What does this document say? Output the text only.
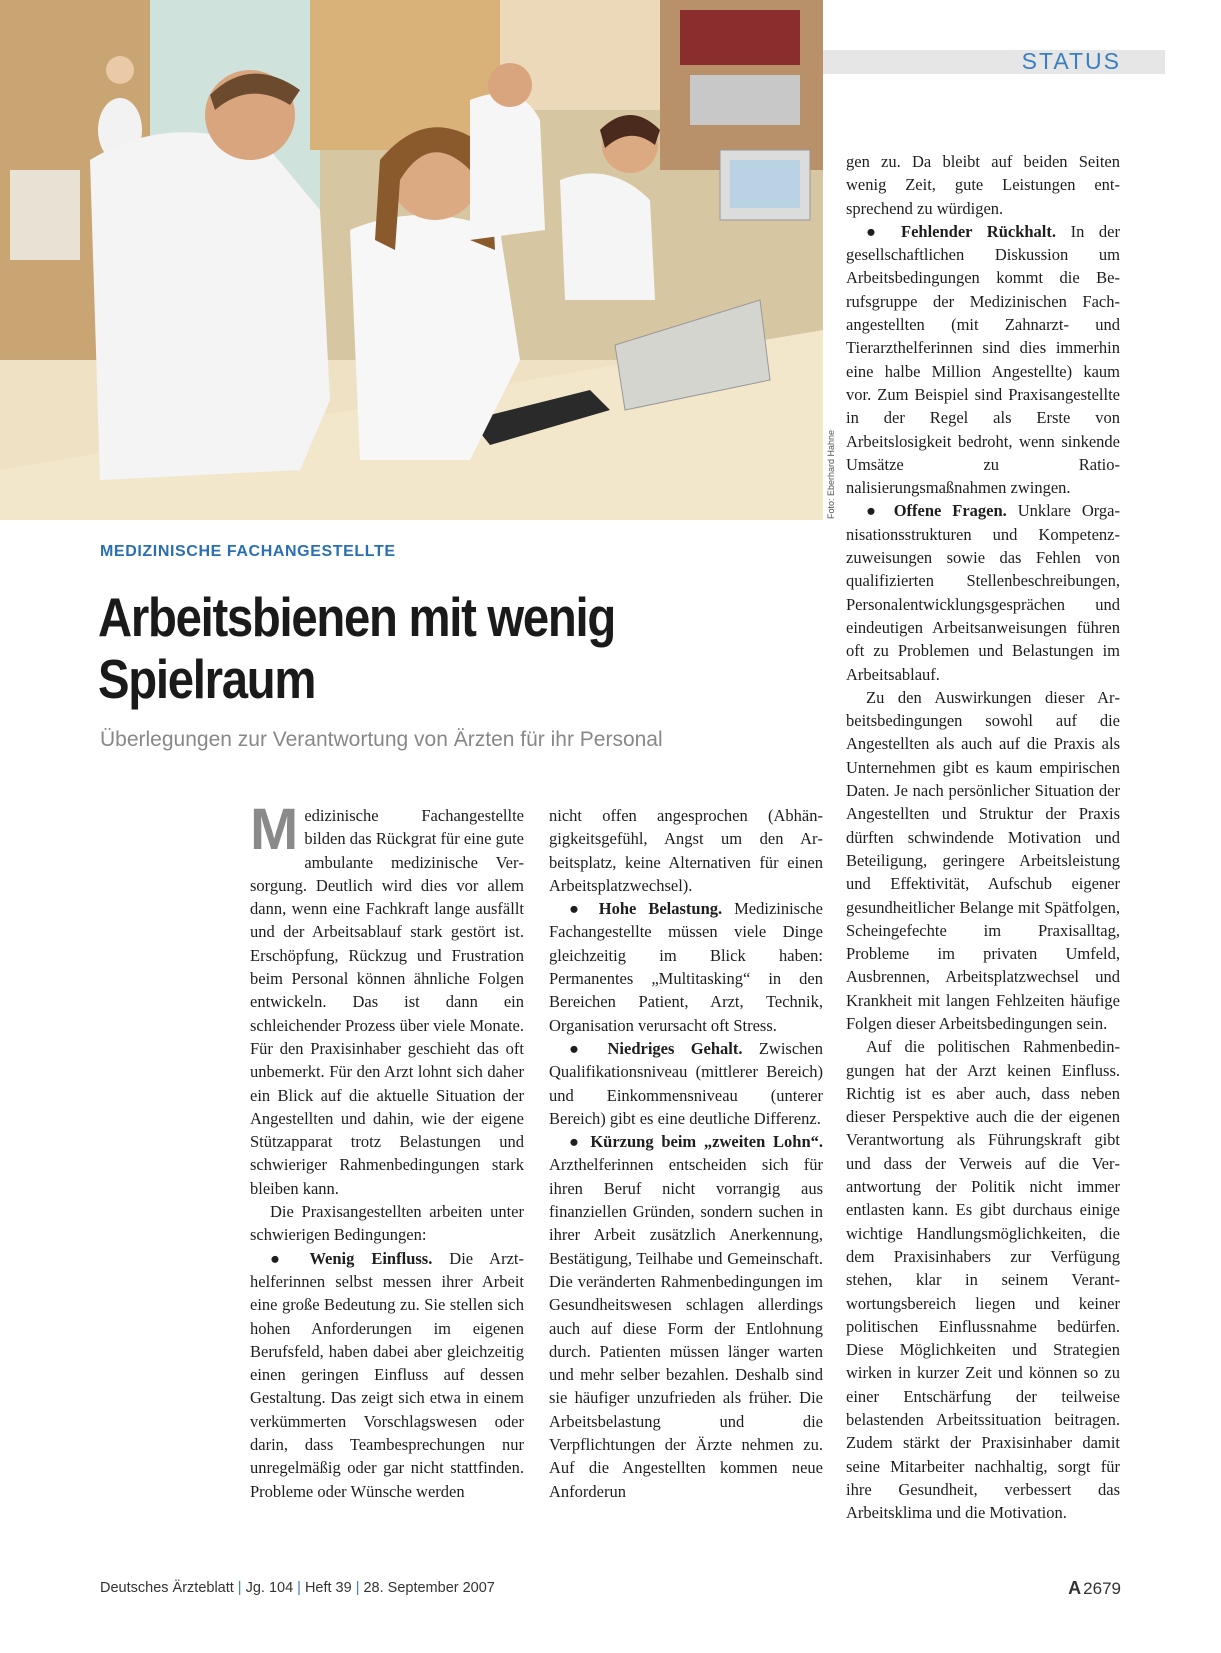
Foto: Eberhard Hahne
STATUS
MEDIZINISCHE FACHANGESTELLTE
Arbeitsbienen mit wenig Spielraum
Überlegungen zur Verantwortung von Ärzten für ihr Personal

Medizinische Fachangestellte bilden das Rückgrat für eine gute ambulante medizinische Versorgung. Deutlich wird dies vor allem dann, wenn eine Fachkraft lange ausfällt und der Arbeitsablauf stark gestört ist. Erschöpfung, Rückzug und Frustration beim Personal können ähnliche Folgen entwickeln. Das ist dann ein schleichender Prozess über viele Monate. Für den Praxisinhaber geschieht das oft unbemerkt. Für den Arzt lohnt sich daher ein Blick auf die aktuelle Situation der Angestellten und dahin, wie der eigene Stützapparat trotz Belastungen und schwieriger Rahmenbedingungen stark bleiben kann.

Die Praxisangestellten arbeiten unter schwierigen Bedingungen:

● Wenig Einfluss. Die Arzthelferinnen selbst messen ihrer Arbeit eine große Bedeutung zu. Sie stellen sich hohen Anforderungen im eigenen Berufsfeld, haben dabei aber gleichzeitig einen geringen Einfluss auf dessen Gestaltung. Das zeigt sich etwa in einem verkümmerten Vorschlagswesen oder darin, dass Teambesprechungen nur unregelmäßig oder gar nicht stattfinden. Probleme oder Wünsche werden

nicht offen angesprochen (Abhängigkeitsgefühl, Angst um den Arbeitsplatz, keine Alternativen für einen Arbeitsplatzwechsel).

● Hohe Belastung. Medizinische Fachangestellte müssen viele Dinge gleichzeitig im Blick haben: Permanentes „Multitasking“ in den Bereichen Patient, Arzt, Technik, Organisation verursacht oft Stress.

● Niedriges Gehalt. Zwischen Qualifikationsniveau (mittlerer Bereich) und Einkommensniveau (unterer Bereich) gibt es eine deutliche Differenz.

● Kürzung beim „zweiten Lohn“. Arzthelferinnen entscheiden sich für ihren Beruf nicht vorrangig aus finanziellen Gründen, sondern suchen in ihrer Arbeit zusätzlich Anerkennung, Bestätigung, Teilhabe und Gemeinschaft. Die veränderten Rahmenbedingungen im Gesundheitswesen schlagen allerdings auch auf diese Form der Entlohnung durch. Patienten müssen länger warten und mehr selber bezahlen. Deshalb sind sie häufiger unzufrieden als früher. Die Arbeitsbelastung und die Verpflichtungen der Ärzte nehmen zu. Auf die Angestellten kommen neue Anforderun

gen zu. Da bleibt auf beiden Seiten wenig Zeit, gute Leistungen entsprechend zu würdigen.

● Fehlender Rückhalt. In der gesellschaftlichen Diskussion um Arbeitsbedingungen kommt die Berufsgruppe der Medizinischen Fachangestellten (mit Zahnarzt- und Tierarzthelferinnen sind dies immerhin eine halbe Million Angestellte) kaum vor. Zum Beispiel sind Praxisangestellte in der Regel als Erste von Arbeitslosigkeit bedroht, wenn sinkende Umsätze zu Rationalisierungsmaßnahmen zwingen.

● Offene Fragen. Unklare Organisationsstrukturen und Kompetenzzuweisungen sowie das Fehlen von qualifizierten Stellenbeschreibungen, Personalentwicklungsgesprächen und eindeutigen Arbeitsanweisungen führen oft zu Problemen und Belastungen im Arbeitsablauf.

Zu den Auswirkungen dieser Arbeitsbedingungen sowohl auf die Angestellten als auch auf die Praxis als Unternehmen gibt es kaum empirischen Daten. Je nach persönlicher Situation der Angestellten und Struktur der Praxis dürften schwindende Motivation und Beteiligung, geringere Arbeitsleistung und Effektivität, Aufschub eigener gesundheitlicher Belange mit Spätfolgen, Scheingefechte im Praxisalltag, Probleme im privaten Umfeld, Ausbrennen, Arbeitsplatzwechsel und Krankheit mit langen Fehlzeiten häufige Folgen dieser Arbeitsbedingungen sein.

Auf die politischen Rahmenbedingungen hat der Arzt keinen Einfluss. Richtig ist es aber auch, dass neben dieser Perspektive auch die der eigenen Verantwortung als Führungskraft gibt und dass der Verweis auf die Verantwortung der Politik nicht immer entlasten kann. Es gibt durchaus einige wichtige Handlungsmöglichkeiten, die dem Praxisinhabers zur Verfügung stehen, klar in seinem Verantwortungsbereich liegen und keiner politischen Einflussnahme bedürfen. Diese Möglichkeiten und Strategien wirken in kurzer Zeit und können so zu einer Entschärfung der teilweise belastenden Arbeitssituation beitragen. Zudem stärkt der Praxisinhaber damit seine Mitarbeiter nachhaltig, sorgt für ihre Gesundheit, verbessert das Arbeitsklima und die Motivation.

Deutsches Ärzteblatt | Jg. 104 | Heft 39 | 28. September 2007	A 2679
